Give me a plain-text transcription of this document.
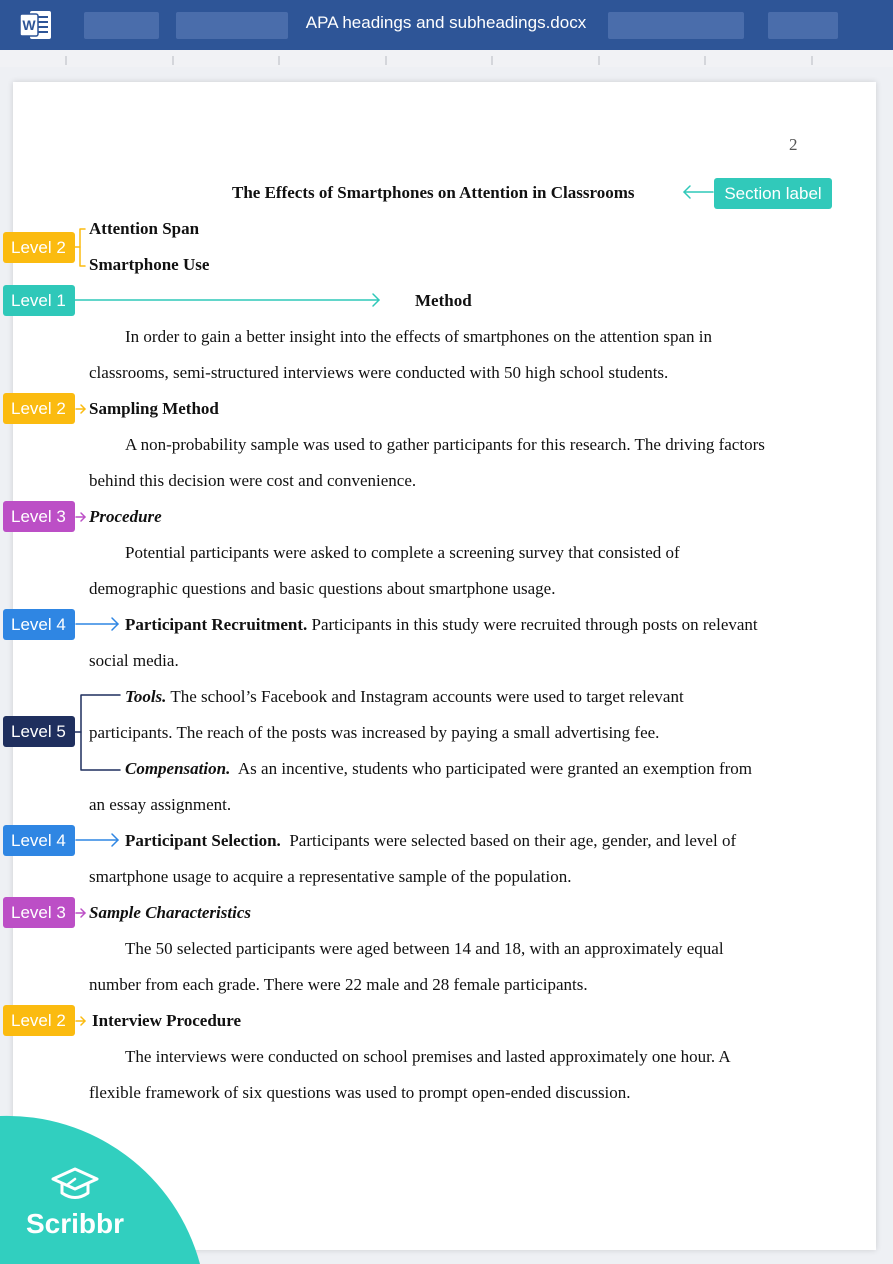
W	APA headings and subheadings.docx
2
The Effects of Smartphones on Attention in Classrooms
Attention Span
Smartphone Use
Method
In order to gain a better insight into the effects of smartphones on the attention span in
classrooms, semi-structured interviews were conducted with 50 high school students.
Sampling Method
A non-probability sample was used to gather participants for this research. The driving factors
behind this decision were cost and convenience.
Procedure
Potential participants were asked to complete a screening survey that consisted of
demographic questions and basic questions about smartphone usage.
Participant Recruitment. Participants in this study were recruited through posts on relevant
social media.
Tools. The school’s Facebook and Instagram accounts were used to target relevant
participants. The reach of the posts was increased by paying a small advertising fee.
Compensation. As an incentive, students who participated were granted an exemption from
an essay assignment.
Participant Selection. Participants were selected based on their age, gender, and level of
smartphone usage to acquire a representative sample of the population.
Sample Characteristics
The 50 selected participants were aged between 14 and 18, with an approximately equal
number from each grade. There were 22 male and 28 female participants.
Interview Procedure
The interviews were conducted on school premises and lasted approximately one hour. A
flexible framework of six questions was used to prompt open-ended discussion.
Section label
Level 2
Level 1
Level 2
Level 3
Level 4
Level 5
Level 4
Level 3
Level 2
Scribbr
